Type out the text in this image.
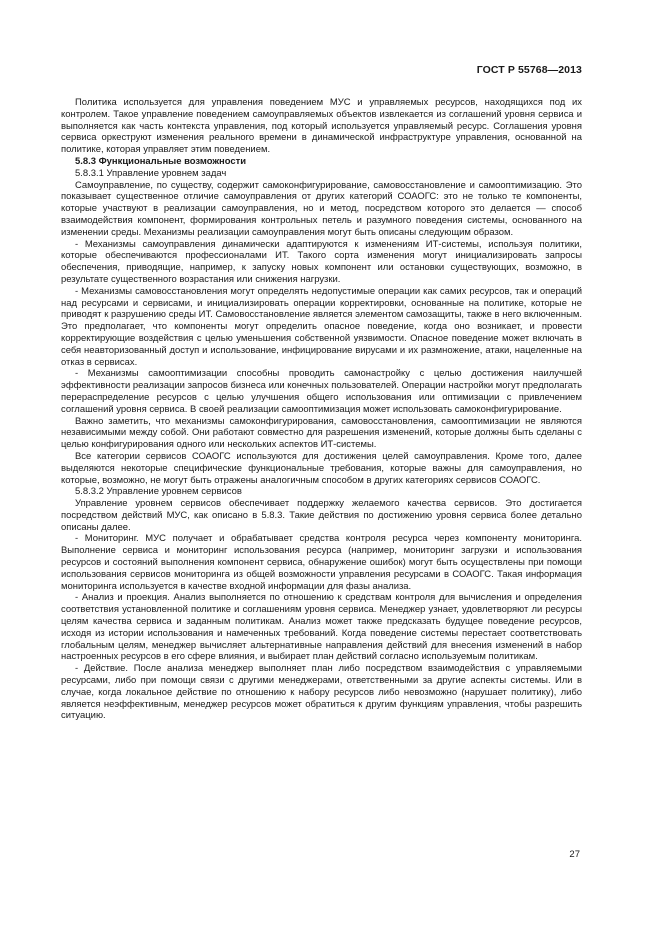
ГОСТ Р 55768—2013

Политика используется для управления поведением МУС и управляемых ресурсов, находящихся под их контролем. Такое управление поведением самоуправляемых объектов извлекается из соглашений уровня сервиса и выполняется как часть контекста управления, под который используется управляемый ресурс. Соглашения уровня сервиса оркеструют изменения реального времени в динамической инфраструктуре управления, основанной на политике, которая управляет этим поведением.

5.8.3 Функциональные возможности

5.8.3.1 Управление уровнем задач

Самоуправление, по существу, содержит самоконфигурирование, самовосстановление и самооптимизацию. Это показывает существенное отличие самоуправления от других категорий СОАОГС: это не только те компоненты, которые участвуют в реализации самоуправления, но и метод, посредством которого это делается — способ взаимодействия компонент, формирования контрольных петель и разумного поведения системы, основанного на изменении среды. Механизмы реализации самоуправления могут быть описаны следующим образом.

- Механизмы самоуправления динамически адаптируются к изменениям ИТ-системы, используя политики, которые обеспечиваются профессионалами ИТ. Такого сорта изменения могут инициализировать запросы обеспечения, приводящие, например, к запуску новых компонент или остановки существующих, возможно, в результате существенного возрастания или снижения нагрузки.

- Механизмы самовосстановления могут определять недопустимые операции как самих ресурсов, так и операций над ресурсами и сервисами, и инициализировать операции корректировки, основанные на политике, которые не приводят к разрушению среды ИТ. Самовосстановление является элементом самозащиты, также в него включенным. Это предполагает, что компоненты могут определить опасное поведение, когда оно возникает, и провести корректирующие воздействия с целью уменьшения собственной уязвимости. Опасное поведение может включать в себя неавторизованный доступ и использование, инфицирование вирусами и их размножение, атаки, нацеленные на отказ в сервисах.

- Механизмы самооптимизации способны проводить самонастройку с целью достижения наилучшей эффективности реализации запросов бизнеса или конечных пользователей. Операции настройки могут предполагать перераспределение ресурсов с целью улучшения общего использования или оптимизации с привлечением соглашений уровня сервиса. В своей реализации самооптимизация может использовать самоконфигурирование.

Важно заметить, что механизмы самоконфигурирования, самовосстановления, самооптимизации не являются независимыми между собой. Они работают совместно для разрешения изменений, которые должны быть сделаны с целью конфигурирования одного или нескольких аспектов ИТ-системы.

Все категории сервисов СОАОГС используются для достижения целей самоуправления. Кроме того, далее выделяются некоторые специфические функциональные требования, которые важны для самоуправления, но которые, возможно, не могут быть отражены аналогичным способом в других категориях сервисов СОАОГС.

5.8.3.2 Управление уровнем сервисов

Управление уровнем сервисов обеспечивает поддержку желаемого качества сервисов. Это достигается посредством действий МУС, как описано в 5.8.3. Такие действия по достижению уровня сервиса более детально описаны далее.

- Мониторинг. МУС получает и обрабатывает средства контроля ресурса через компоненту мониторинга. Выполнение сервиса и мониторинг использования ресурса (например, мониторинг загрузки и использования ресурсов и состояний выполнения компонент сервиса, обнаружение ошибок) могут быть осуществлены при помощи использования сервисов мониторинга из общей возможности управления ресурсами в СОАОГС. Такая информация мониторинга используется в качестве входной информации для фазы анализа.

- Анализ и проекция. Анализ выполняется по отношению к средствам контроля для вычисления и определения соответствия установленной политике и соглашениям уровня сервиса. Менеджер узнает, удовлетворяют ли ресурсы целям качества сервиса и заданным политикам. Анализ может также предсказать будущее поведение ресурсов, исходя из истории использования и намеченных требований. Когда поведение системы перестает соответствовать глобальным целям, менеджер вычисляет альтернативные направления действий для внесения изменений в набор настроенных ресурсов в его сфере влияния, и выбирает план действий согласно используемым политикам.

- Действие. После анализа менеджер выполняет план либо посредством взаимодействия с управляемыми ресурсами, либо при помощи связи с другими менеджерами, ответственными за другие аспекты системы. Или в случае, когда локальное действие по отношению к набору ресурсов либо невозможно (нарушает политику), либо является неэффективным, менеджер ресурсов может обратиться к другим функциям управления, чтобы разрешить ситуацию.

27
